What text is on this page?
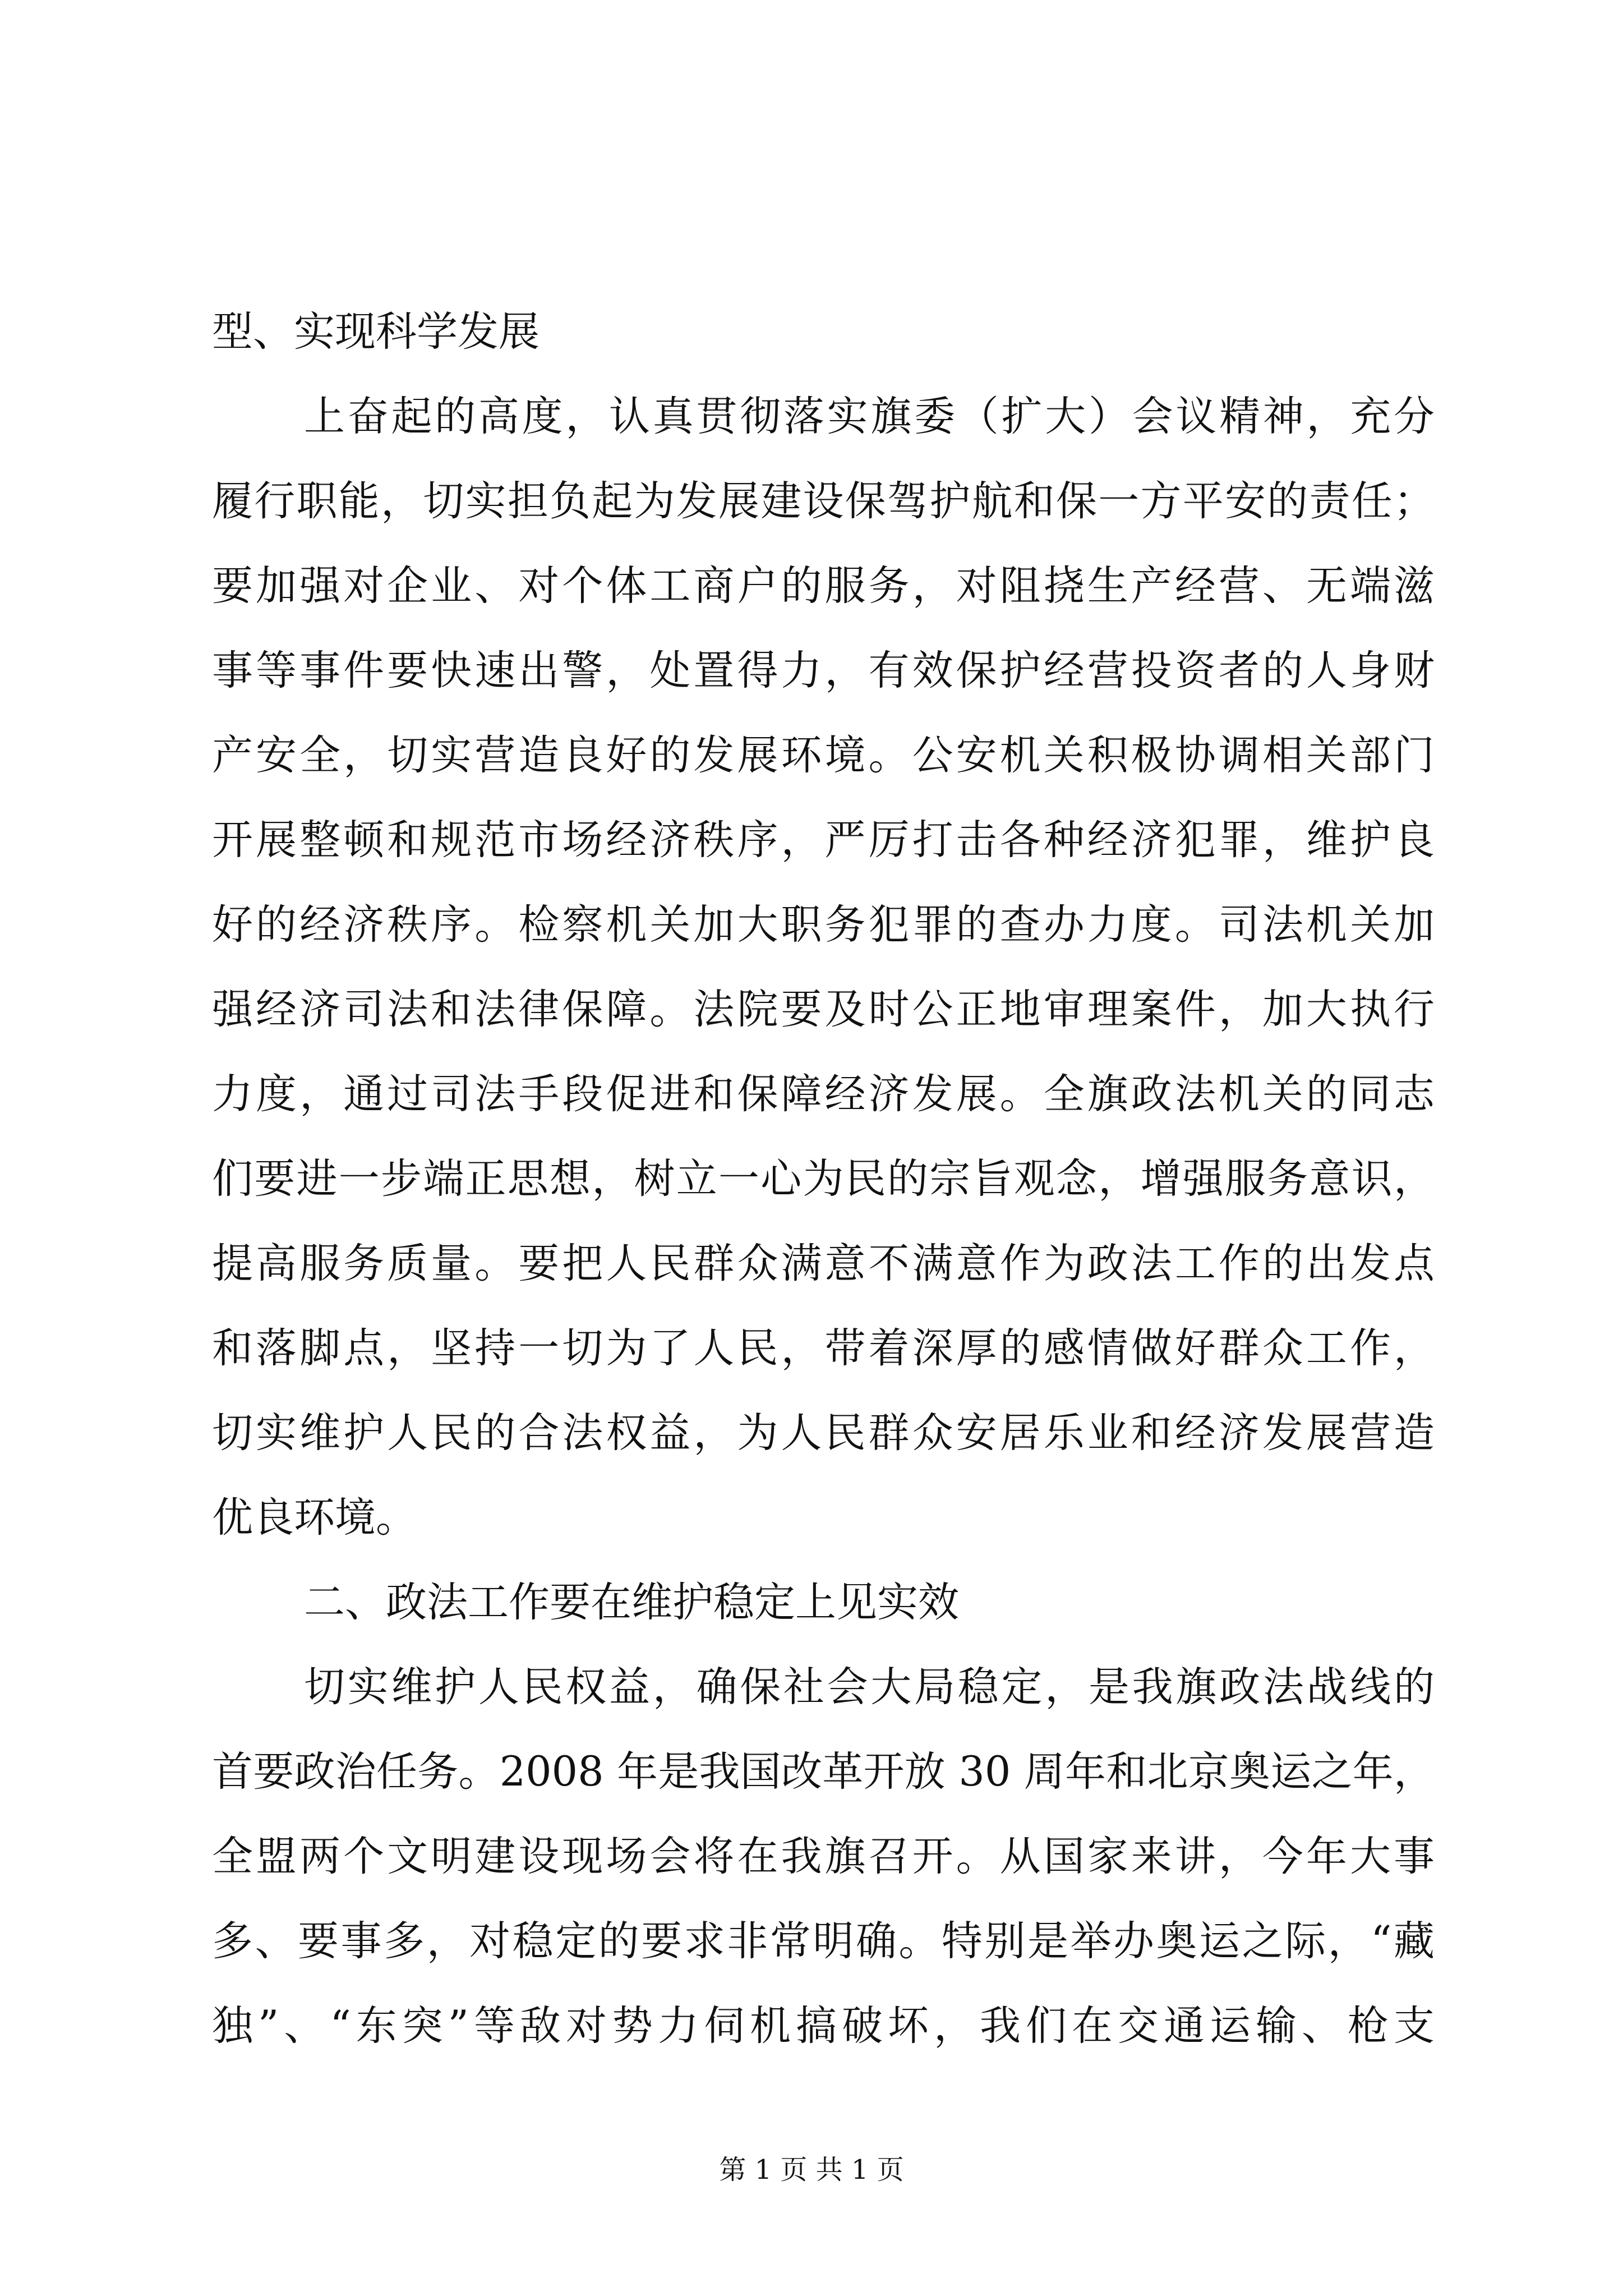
型、实现科学发展
上奋起的高度，认真贯彻落实旗委（扩大）会议精神，充分
履行职能，切实担负起为发展建设保驾护航和保一方平安的责任；
要加强对企业、对个体工商户的服务，对阻挠生产经营、无端滋
事等事件要快速出警，处置得力，有效保护经营投资者的人身财
产安全，切实营造良好的发展环境。公安机关积极协调相关部门
开展整顿和规范市场经济秩序，严厉打击各种经济犯罪，维护良
好的经济秩序。检察机关加大职务犯罪的查办力度。司法机关加
强经济司法和法律保障。法院要及时公正地审理案件，加大执行
力度，通过司法手段促进和保障经济发展。全旗政法机关的同志
们要进一步端正思想，树立一心为民的宗旨观念，增强服务意识，
提高服务质量。要把人民群众满意不满意作为政法工作的出发点
和落脚点，坚持一切为了人民，带着深厚的感情做好群众工作，
切实维护人民的合法权益，为人民群众安居乐业和经济发展营造
优良环境。
二、政法工作要在维护稳定上见实效
切实维护人民权益，确保社会大局稳定，是我旗政法战线的
首要政治任务。2008 年是我国改革开放 30 周年和北京奥运之年，
全盟两个文明建设现场会将在我旗召开。从国家来讲，今年大事
多、要事多，对稳定的要求非常明确。特别是举办奥运之际，“藏
独”、“东突”等敌对势力伺机搞破坏，我们在交通运输、枪支
第 1 页 共 1 页
